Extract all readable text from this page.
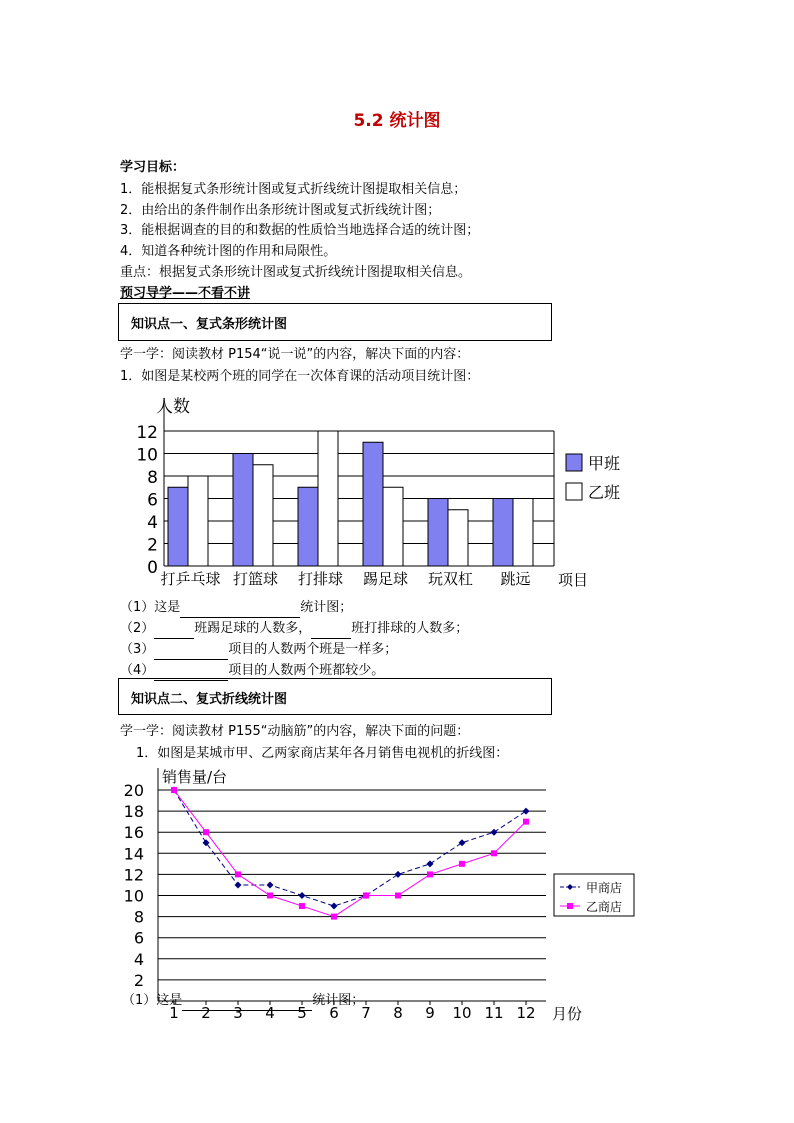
5.2 统计图
学习目标：
1．能根据复式条形统计图或复式折线统计图提取相关信息；
2．由给出的条件制作出条形统计图或复式折线统计图；
3．能根据调查的目的和数据的性质恰当地选择合适的统计图；
4．知道各种统计图的作用和局限性。
重点：根据复式条形统计图或复式折线统计图提取相关信息。
预习导学——不看不讲
知识点一、复式条形统计图
学一学：阅读教材 P154“说一说”的内容，解决下面的内容：
1．如图是某校两个班的同学在一次体育课的活动项目统计图：
0
2
4
6
8
10
12
打乒乓球 打篮球 打排球 踢足球 玩双杠 跳远
人数
项目
甲班
乙班
（1）这是	统计图；
（2）	班踢足球的人数多，	班打排球的人数多；
（3）	项目的人数两个班是一样多；
（4）	项目的人数两个班都较少。
知识点二、复式折线统计图
学一学：阅读教材 P155“动脑筋”的内容，解决下面的问题：
1．如图是某城市甲、乙两家商店某年各月销售电视机的折线图：
2
4
6
8
10
12
14
16
18
20
1 2 3 4 5 6 7 8 9 10 11 12
销售量/台
月份
甲商店
乙商店
（1）这是	统计图；
